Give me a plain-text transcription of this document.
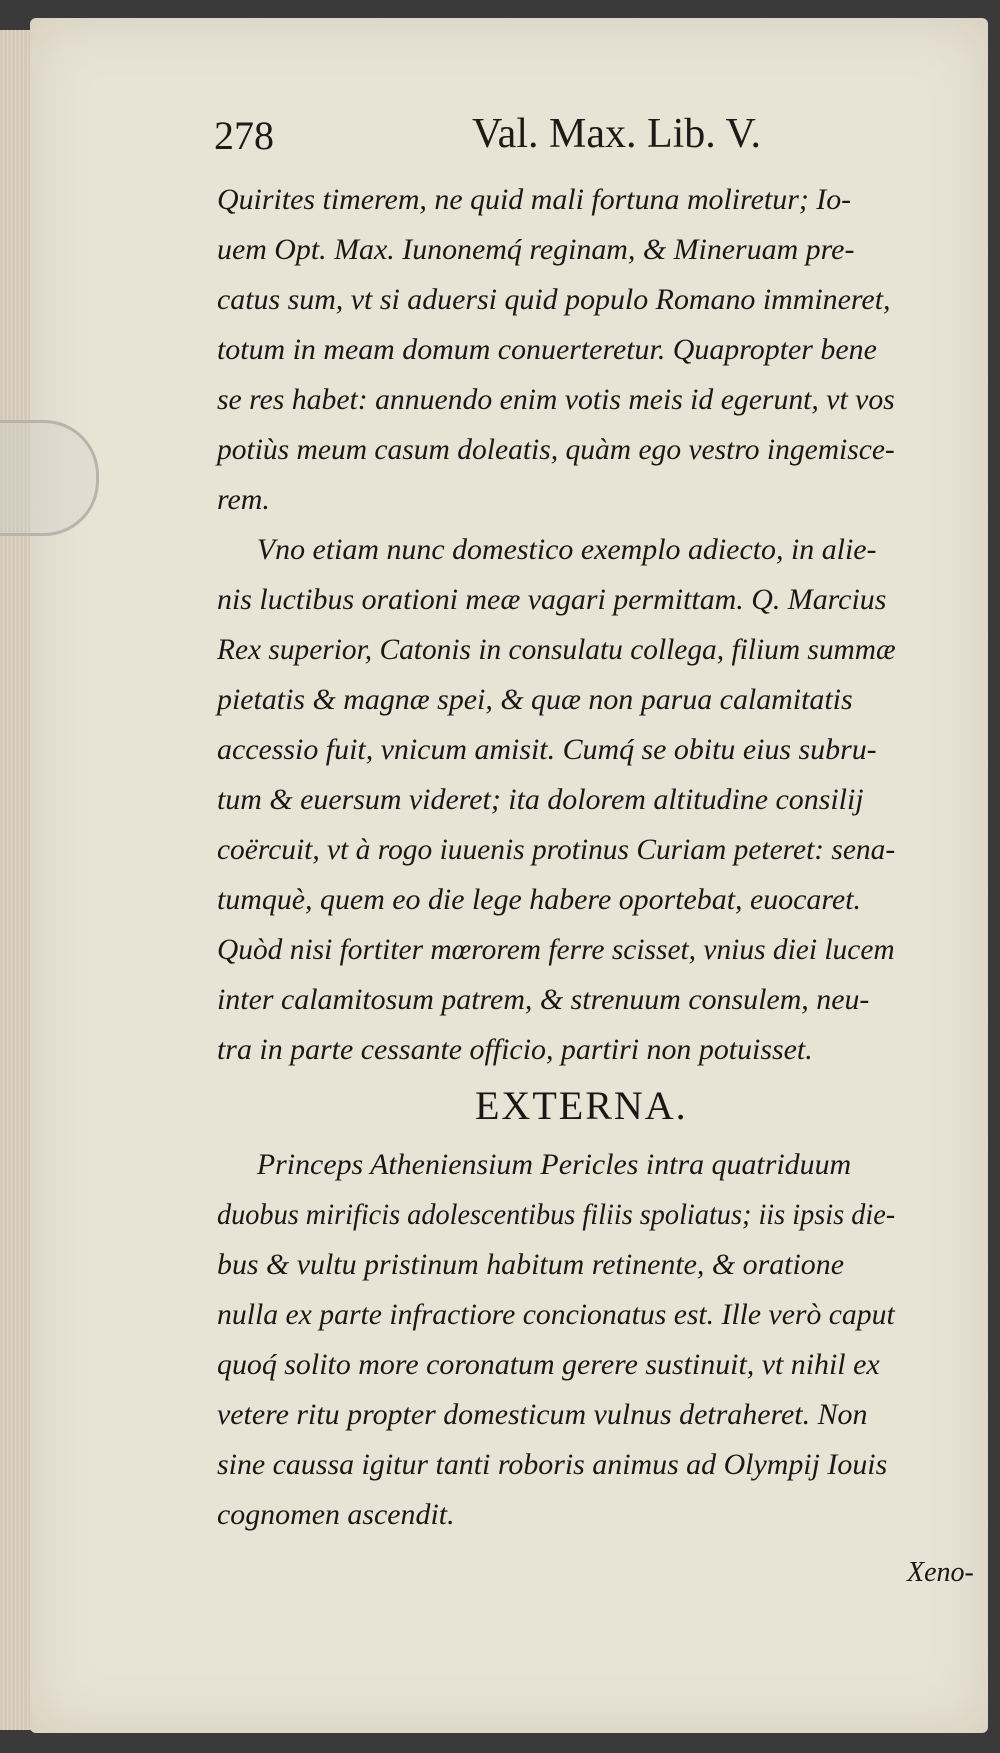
278	Val. Max. Lib. V.
Quirites timerem, ne quid mali fortuna moliretur; Io-
uem Opt. Max. Iunonemq́ reginam, & Mineruam pre-
catus sum, vt si aduersi quid populo Romano immineret,
totum in meam domum conuerteretur. Quapropter bene
se res habet: annuendo enim votis meis id egerunt, vt vos
potiùs meum casum doleatis, quàm ego vestro ingemisce-
rem.
Vno etiam nunc domestico exemplo adiecto, in alie-
nis luctibus orationi meæ vagari permittam. Q. Marcius
Rex superior, Catonis in consulatu collega, filium summæ
pietatis & magnæ spei, & quæ non parua calamitatis
accessio fuit, vnicum amisit. Cumq́ se obitu eius subru-
tum & euersum videret; ita dolorem altitudine consilij
coërcuit, vt à rogo iuuenis protinus Curiam peteret: sena-
tumquè, quem eo die lege habere oportebat, euocaret.
Quòd nisi fortiter mœrorem ferre scisset, vnius diei lucem
inter calamitosum patrem, & strenuum consulem, neu-
tra in parte cessante officio, partiri non potuisset.
EXTERNA.
Princeps Atheniensium Pericles intra quatriduum
duobus mirificis adolescentibus filiis spoliatus; iis ipsis die-
bus & vultu pristinum habitum retinente, & oratione
nulla ex parte infractiore concionatus est. Ille verò caput
quoq́ solito more coronatum gerere sustinuit, vt nihil ex
vetere ritu propter domesticum vulnus detraheret. Non
sine caussa igitur tanti roboris animus ad Olympij Iouis
cognomen ascendit.
Xeno-
